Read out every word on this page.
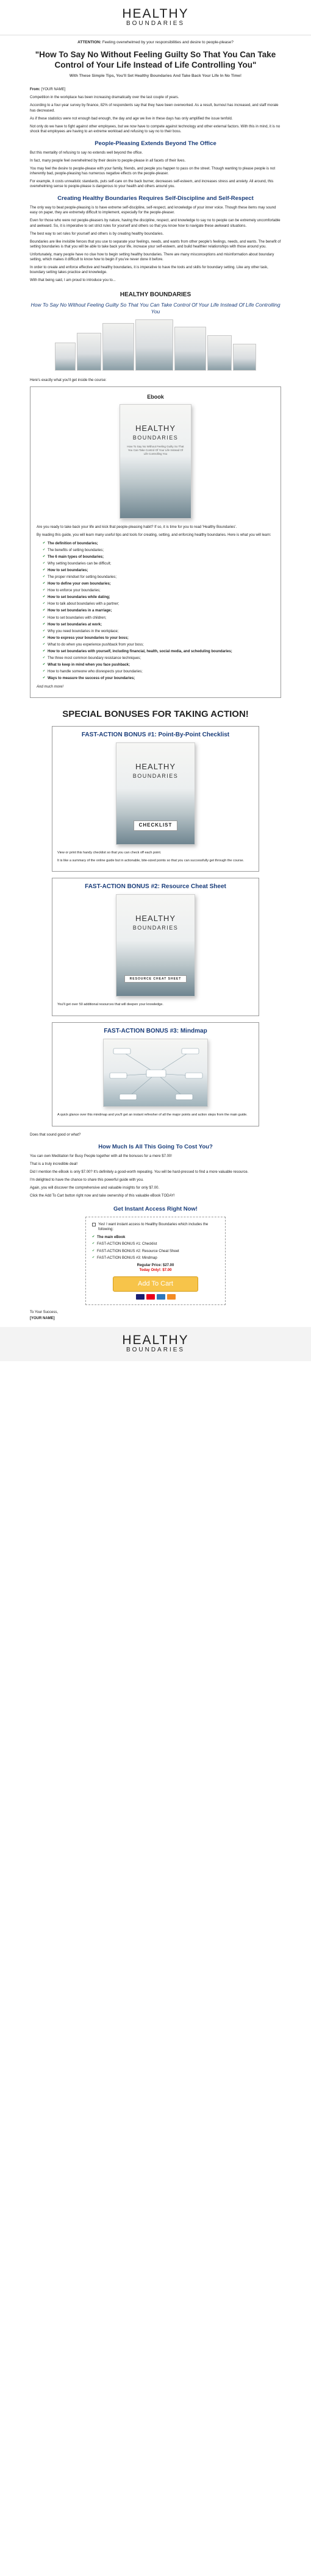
HEALTHY
BOUNDARIES
ATTENTION: Feeling overwhelmed by your responsibilities and desire to people-please?
"How To Say No Without Feeling Guilty So That You Can Take Control of Your Life Instead of Life Controlling You"
With These Simple Tips, You'll Set Healthy Boundaries And Take Back Your Life In No Time!

From: [YOUR NAME]

Competition in the workplace has been increasing dramatically over the last couple of years.

According to a four-year survey by finance, 82% of respondents say that they have been overworked. As a result, burnout has increased, and staff morale has decreased.

As if these statistics were not enough bad enough, the day and age we live in these days has only amplified the issue tenfold.

Not only do we have to fight against other employees, but we now have to compete against technology and other external factors. With this in mind, it is no shock that employees are having to an extreme workload and refusing to say no to their boss.

People-Pleasing Extends Beyond The Office

But this mentality of refusing to say no extends well beyond the office.

In fact, many people feel overwhelmed by their desire to people-please in all facets of their lives.

You may feel the desire to people-please with your family, friends, and people you happen to pass on the street. Though wanting to please people is not inherently bad, people-pleasing has numerous negative effects on the people-pleaser.

For example, it costs unrealistic standards, puts self-care on the back burner, decreases self-esteem, and increases stress and anxiety. All around, this overwhelming sense to people-please is dangerous to your health and others around you.

Creating Healthy Boundaries Requires Self-Discipline and Self-Respect

The only way to beat people-pleasing is to have extreme self-discipline, self-respect, and knowledge of your inner voice. Though these items may sound easy on paper, they are extremely difficult to implement, especially for the people-pleaser.

Even for those who were not people-pleasers by nature, having the discipline, respect, and knowledge to say no to people can be extremely uncomfortable and awkward. So, it is imperative to set strict rules for yourself and others so that you know how to navigate these awkward situations.

The best way to set rules for yourself and others is by creating healthy boundaries.

Boundaries are like invisible fences that you use to separate your feelings, needs, and wants from other people's feelings, needs, and wants. The benefit of setting boundaries is that you will be able to take back your life, increase your self-esteem, and build healthier relationships with those around you.

Unfortunately, many people have no clue how to begin setting healthy boundaries. There are many misconceptions and misinformation about boundary setting, which makes it difficult to know how to begin if you've never done it before.

In order to create and enforce effective and healthy boundaries, it is imperative to have the tools and skills for boundary setting. Like any other task, boundary setting takes practice and knowledge.

With that being said, I am proud to introduce you to...

HEALTHY BOUNDARIES
How To Say No Without Feeling Guilty So That You Can Take Control Of Your Life Instead Of Life Controlling You

Here's exactly what you'll get inside the course:

Ebook
HEALTHY
BOUNDARIES
How To Say No Without Feeling Guilty So That You Can Take Control Of Your Life Instead Of Life Controlling You

Are you ready to take back your life and kick that people-pleasing habit? If so, it is time for you to read 'Healthy Boundaries'.

By reading this guide, you will learn many useful tips and tools for creating, setting, and enforcing healthy boundaries. Here is what you will learn:

✔ The definition of boundaries;
✔ The benefits of setting boundaries;
✔ The 6 main types of boundaries;
✔ Why setting boundaries can be difficult;
✔ How to set boundaries;
✔ The proper mindset for setting boundaries;
✔ How to define your own boundaries;
✔ How to enforce your boundaries;
✔ How to set boundaries while dating;
✔ How to talk about boundaries with a partner;
✔ How to set boundaries in a marriage;
✔ How to set boundaries with children;
✔ How to set boundaries at work;
✔ Why you need boundaries in the workplace;
✔ How to express your boundaries to your boss;
✔ What to do when you experience pushback from your boss;
✔ How to set boundaries with yourself, including financial, health, social media, and scheduling boundaries;
✔ The three most common boundary resistance techniques;
✔ What to keep in mind when you face pushback;
✔ How to handle someone who disrespects your boundaries;
✔ Ways to measure the success of your boundaries;

And much more!

SPECIAL BONUSES FOR TAKING ACTION!
FAST-ACTION BONUS #1: Point-By-Point Checklist
HEALTHY
BOUNDARIES
CHECKLIST

View or print this handy checklist so that you can check off each point.

It is like a summary of the online guide but in actionable, bite-sized points so that you can successfully get through the course.

FAST-ACTION BONUS #2: Resource Cheat Sheet
HEALTHY
BOUNDARIES
RESOURCE CHEAT SHEET

You'll get over 50 additional resources that will deepen your knowledge.

FAST-ACTION BONUS #3: Mindmap

A quick glance over this mindmap and you'll get an instant refresher of all the major points and action steps from the main guide.

Does that sound good or what?

How Much Is All This Going To Cost You?

You can own Meditation for Busy People together with all the bonuses for a mere $7.00!

That is a truly incredible deal!

Did I mention the eBook is only $7.00? It's definitely a good-worth repeating. You will be hard-pressed to find a more valuable resource.

I'm delighted to have the chance to share this powerful guide with you.

Again, you will discover the comprehensive and valuable insights for only $7.00.

Click the Add To Cart button right now and take ownership of this valuable eBook TODAY!

Get Instant Access Right Now!
Yes! I want instant access to Healthy Boundaries which includes the following:
✔ The main eBook
✔ FAST-ACTION BONUS #1: Checklist
✔ FAST-ACTION BONUS #2: Resource Cheat Sheet
✔ FAST-ACTION BONUS #3: Mindmap
Regular Price: $27.00
Today Only!: $7.00
Add To Cart

To Your Success,

[YOUR NAME]

HEALTHY
BOUNDARIES
